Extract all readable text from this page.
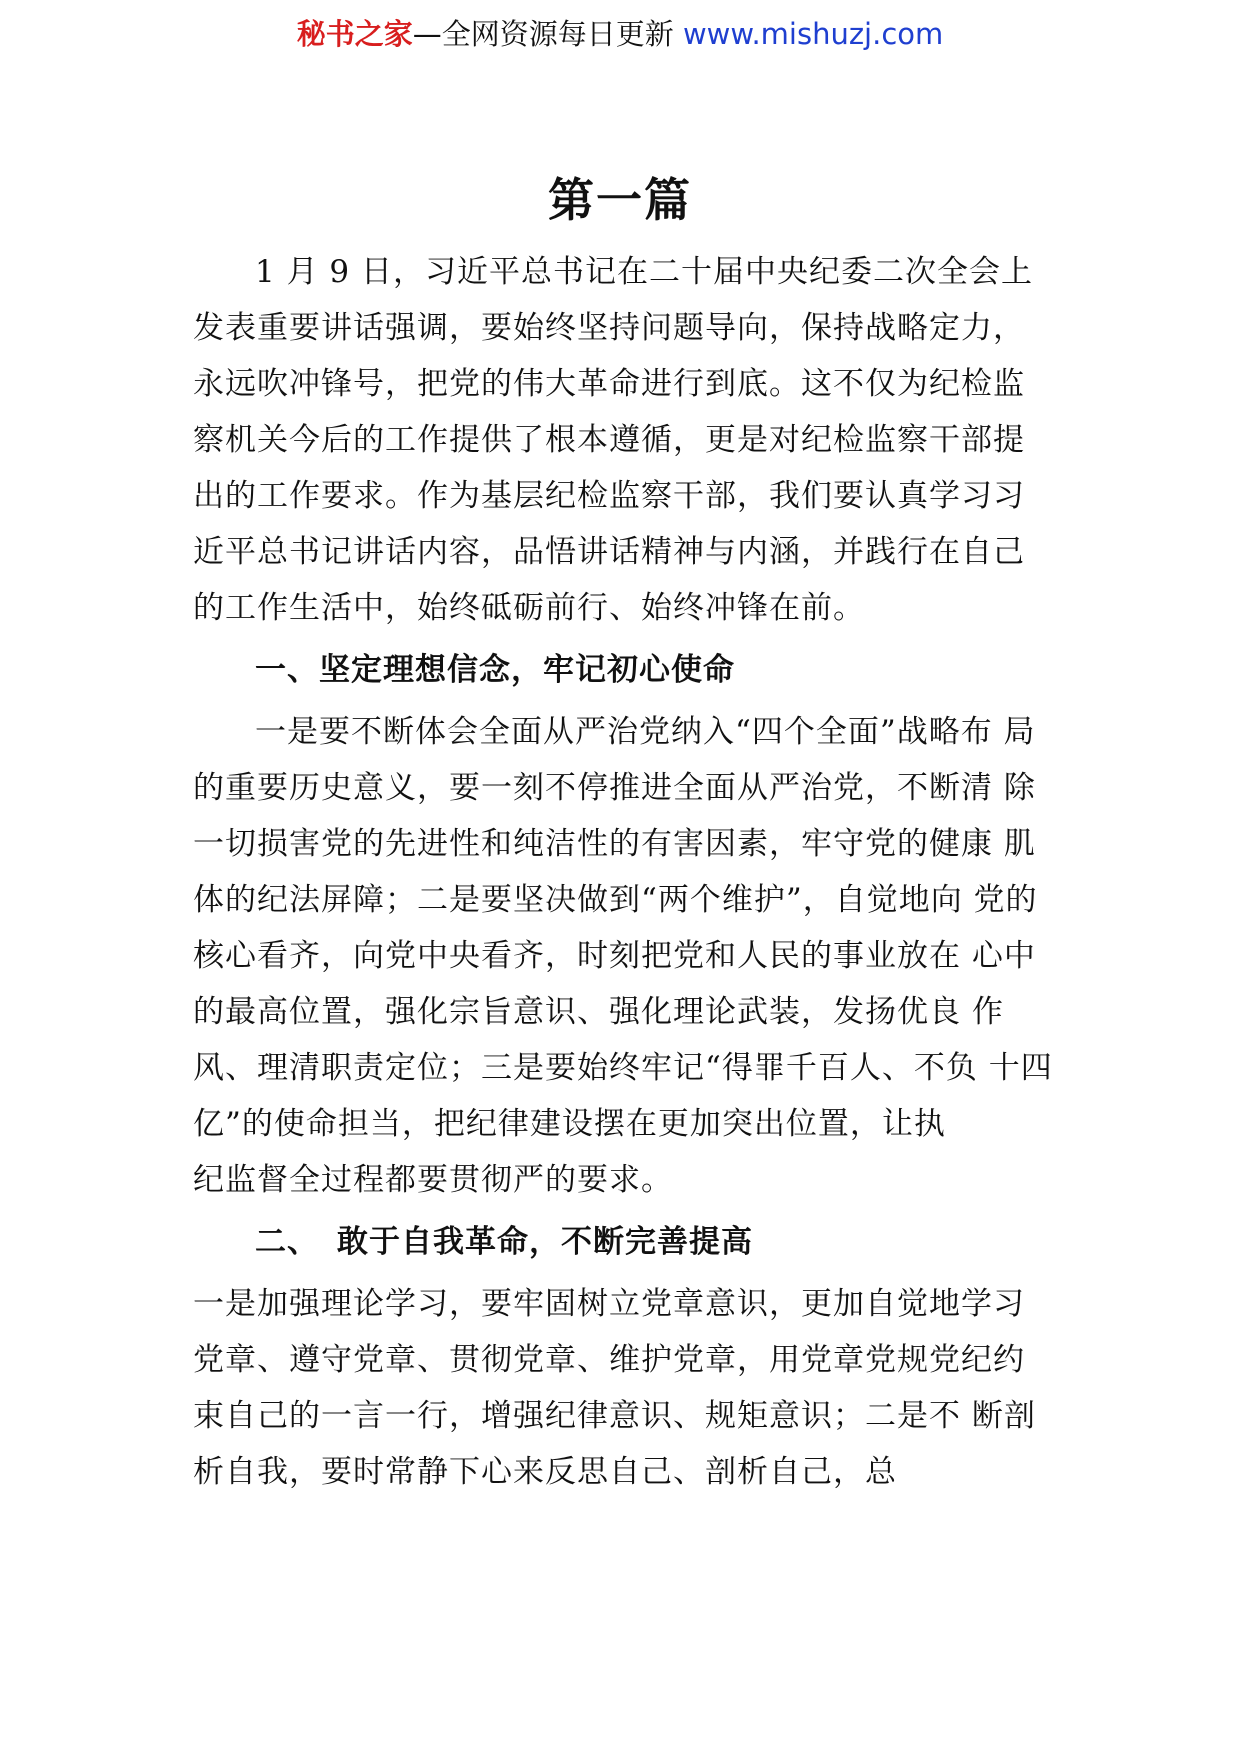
秘书之家—全网资源每日更新 www.mishuzj.com
第一篇

1 月 9 日，习近平总书记在二十届中央纪委二次全会上 发表重要讲话强调，要始终坚持问题导向，保持战略定力， 永远吹冲锋号，把党的伟大革命进行到底。这不仅为纪检监 察机关今后的工作提供了根本遵循，更是对纪检监察干部提 出的工作要求。作为基层纪检监察干部，我们要认真学习习 近平总书记讲话内容，品悟讲话精神与内涵，并践行在自己

的工作生活中，始终砥砺前行、始终冲锋在前。

一、坚定理想信念，牢记初心使命

一是要不断体会全面从严治党纳入“四个全面”战略布 局的重要历史意义，要一刻不停推进全面从严治党，不断清 除一切损害党的先进性和纯洁性的有害因素，牢守党的健康 肌体的纪法屏障；二是要坚决做到“两个维护”，自觉地向 党的核心看齐，向党中央看齐，时刻把党和人民的事业放在 心中的最高位置，强化宗旨意识、强化理论武装，发扬优良 作风、理清职责定位；三是要始终牢记“得罪千百人、不负 十四亿”的使命担当，把纪律建设摆在更加突出位置，让执

纪监督全过程都要贯彻严的要求。

二、 敢于自我革命，不断完善提高

一是加强理论学习，要牢固树立党章意识，更加自觉地学习党章、遵守党章、贯彻党章、维护党章，用党章党规党纪约束自己的一言一行，增强纪律意识、规矩意识；二是不 断剖析自我，要时常静下心来反思自己、剖析自己，总
